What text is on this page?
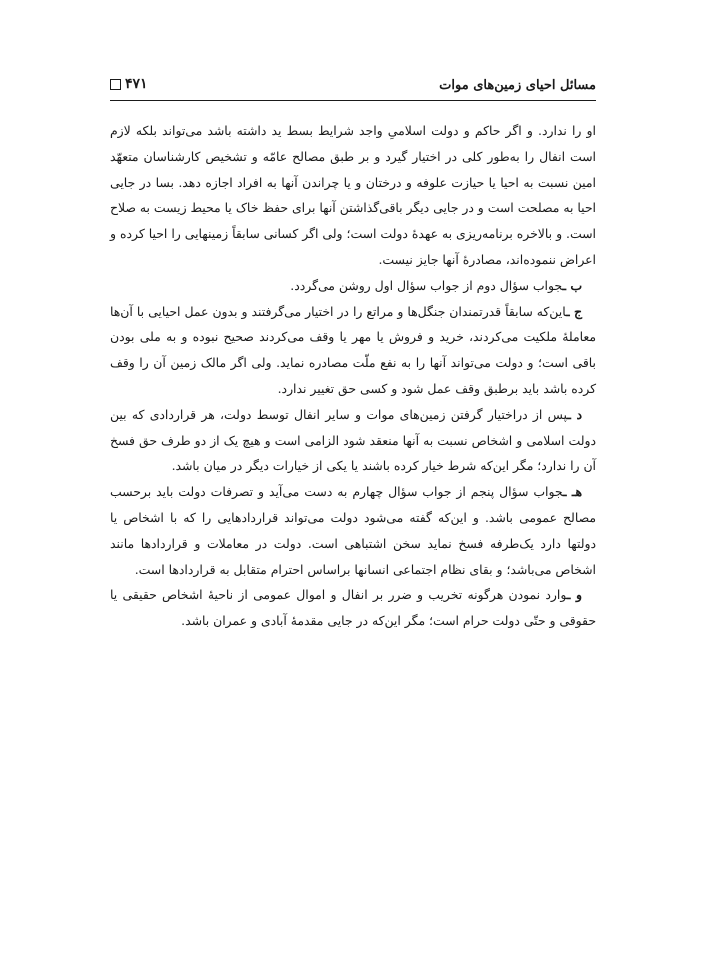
مسائل احیای زمین‌های موات
۴۷۱

او را ندارد. و اگر حاکم و دولت اسلامیِ واجد شرایط بسط ید داشته باشد می‌تواند بلکه لازم است انفال را به‌طور کلی در اختیار گیرد و بر طبق مصالح عامّه و تشخیص کارشناسان متعهّد امین نسبت به احیا یا حیازت علوفه و درختان و یا چراندن آنها به افراد اجازه دهد. بسا در جایی احیا به مصلحت است و در جایی دیگر باقی‌گذاشتن آنها برای حفظ خاک یا محیط زیست به صلاح است. و بالاخره برنامه‌ریزی به عهدهٔ دولت است؛ ولی اگر کسانی سابقاً زمینهایی را احیا کرده و اعراض ننموده‌اند، مصادرهٔ آنها جایز نیست.

ب ـجواب سؤال دوم از جواب سؤال اول روشن می‌گردد.

ج ـاین‌که سابقاً قدرتمندان جنگل‌ها و مراتع را در اختیار می‌گرفتند و بدون عمل احیایی با آن‌ها معاملهٔ ملکیت می‌کردند، خرید و فروش یا مهر یا وقف می‌کردند صحیح نبوده و به ملی بودن باقی است؛ و دولت می‌تواند آنها را به نفع ملّت مصادره نماید. ولی اگر مالک زمین آن را وقف کرده باشد باید برطبق وقف عمل شود و کسی حق تغییر ندارد.

د ـپس از دراختیار گرفتن زمین‌های موات و سایر انفال توسط دولت، هر قراردادی که بین دولت اسلامی و اشخاص نسبت به آنها منعقد شود الزامی است و هیچ یک از دو طرف حق فسخ آن را ندارد؛ مگر این‌که شرط خیار کرده باشند یا یکی از خیارات دیگر در میان باشد.

هـ ـجواب سؤال پنجم از جواب سؤال چهارم به دست می‌آید و تصرفات دولت باید برحسب مصالح عمومی باشد. و این‌که گفته می‌شود دولت می‌تواند قراردادهایی را که با اشخاص یا دولتها دارد یک‌طرفه فسخ نماید سخن اشتباهی است. دولت در معاملات و قراردادها مانند اشخاص می‌باشد؛ و بقای نظام اجتماعی انسانها براساس احترام متقابل به قراردادها است.

و ـوارد نمودن هرگونه تخریب و ضرر بر انفال و اموال عمومی از ناحیهٔ اشخاص حقیقی یا حقوقی و حتّی دولت حرام است؛ مگر این‌که در جایی مقدمهٔ آبادی و عمران باشد.
